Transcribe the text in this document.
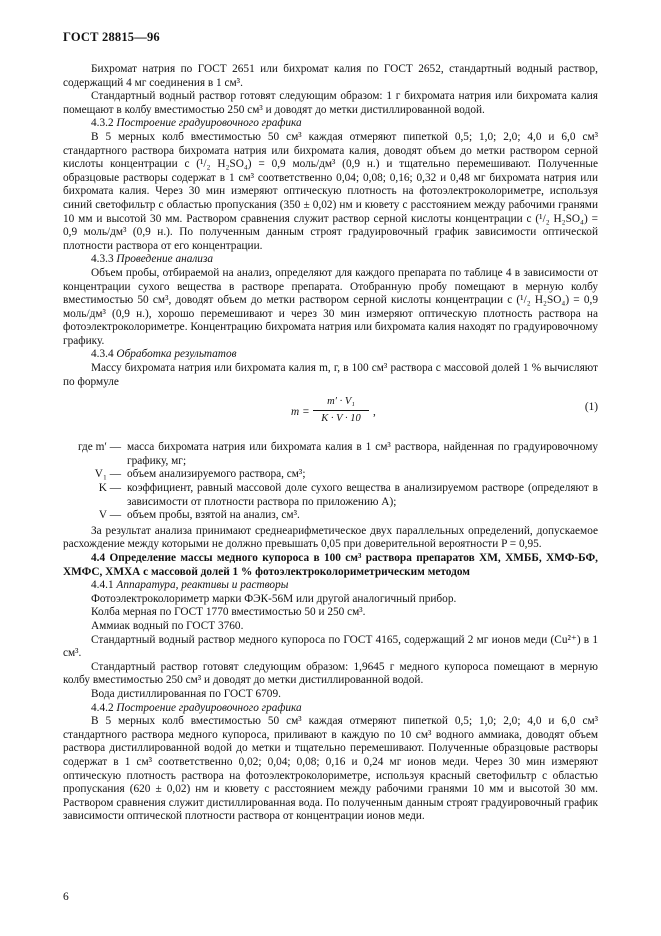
ГОСТ 28815—96

Бихромат натрия по ГОСТ 2651 или бихромат калия по ГОСТ 2652, стандартный водный раствор, содержащий 4 мг соединения в 1 см³.

Стандартный водный раствор готовят следующим образом: 1 г бихромата натрия или бихромата калия помещают в колбу вместимостью 250 см³ и доводят до метки дистиллированной водой.

4.3.2 Построение градуировочного графика

В 5 мерных колб вместимостью 50 см³ каждая отмеряют пипеткой 0,5; 1,0; 2,0; 4,0 и 6,0 см³ стандартного раствора бихромата натрия или бихромата калия, доводят объем до метки раствором серной кислоты концентрации c (¹/₂ H₂SO₄) = 0,9 моль/дм³ (0,9 н.) и тщательно перемешивают. Полученные образцовые растворы содержат в 1 см³ соответственно 0,04; 0,08; 0,16; 0,32 и 0,48 мг бихромата натрия или бихромата калия. Через 30 мин измеряют оптическую плотность на фотоэлектроколориметре, используя синий светофильтр с областью пропускания (350 ± 0,02) нм и кювету с расстоянием между рабочими гранями 10 мм и высотой 30 мм. Раствором сравнения служит раствор серной кислоты концентрации c (¹/₂ H₂SO₄) = 0,9 моль/дм³ (0,9 н.). По полученным данным строят градуировочный график зависимости оптической плотности раствора от его концентрации.

4.3.3 Проведение анализа

Объем пробы, отбираемой на анализ, определяют для каждого препарата по таблице 4 в зависимости от концентрации сухого вещества в растворе препарата. Отобранную пробу помещают в мерную колбу вместимостью 50 см³, доводят объем до метки раствором серной кислоты концентрации c (¹/₂ H₂SO₄) = 0,9 моль/дм³ (0,9 н.), хорошо перемешивают и через 30 мин измеряют оптическую плотность раствора на фотоэлектроколориметре. Концентрацию бихромата натрия или бихромата калия находят по градуировочному графику.

4.3.4 Обработка результатов

Массу бихромата натрия или бихромата калия m, г, в 100 см³ раствора с массовой долей 1 % вычисляют по формуле

m =
m′ · V₁
K · V · 10
,	(1)
где m′ — масса бихромата натрия или бихромата калия в 1 см³ раствора, найденная по градуировочному графику, мг;
V₁ — объем анализируемого раствора, см³;
K — коэффициент, равный массовой доле сухого вещества в анализируемом растворе (определяют в зависимости от плотности раствора по приложению А);
V — объем пробы, взятой на анализ, см³.

За результат анализа принимают среднеарифметическое двух параллельных определений, допускаемое расхождение между которыми не должно превышать 0,05 при доверительной вероятности P = 0,95.

4.4 Определение массы медного купороса в 100 см³ раствора препаратов ХМ, ХМББ, ХМФ-БФ, ХМФС, ХМХА с массовой долей 1 % фотоэлектроколориметрическим методом

4.4.1 Аппаратура, реактивы и растворы

Фотоэлектроколориметр марки ФЭК-56М или другой аналогичный прибор.

Колба мерная по ГОСТ 1770 вместимостью 50 и 250 см³.

Аммиак водный по ГОСТ 3760.

Стандартный водный раствор медного купороса по ГОСТ 4165, содержащий 2 мг ионов меди (Cu²⁺) в 1 см³.

Стандартный раствор готовят следующим образом: 1,9645 г медного купороса помещают в мерную колбу вместимостью 250 см³ и доводят до метки дистиллированной водой.

Вода дистиллированная по ГОСТ 6709.

4.4.2 Построение градуировочного графика

В 5 мерных колб вместимостью 50 см³ каждая отмеряют пипеткой 0,5; 1,0; 2,0; 4,0 и 6,0 см³ стандартного раствора медного купороса, приливают в каждую по 10 см³ водного аммиака, доводят объем раствора дистиллированной водой до метки и тщательно перемешивают. Полученные образцовые растворы содержат в 1 см³ соответственно 0,02; 0,04; 0,08; 0,16 и 0,24 мг ионов меди. Через 30 мин измеряют оптическую плотность раствора на фотоэлектроколориметре, используя красный светофильтр с областью пропускания (620 ± 0,02) нм и кювету с расстоянием между рабочими гранями 10 мм и высотой 30 мм. Раствором сравнения служит дистиллированная вода. По полученным данным строят градуировочный график зависимости оптической плотности раствора от концентрации ионов меди.

6
